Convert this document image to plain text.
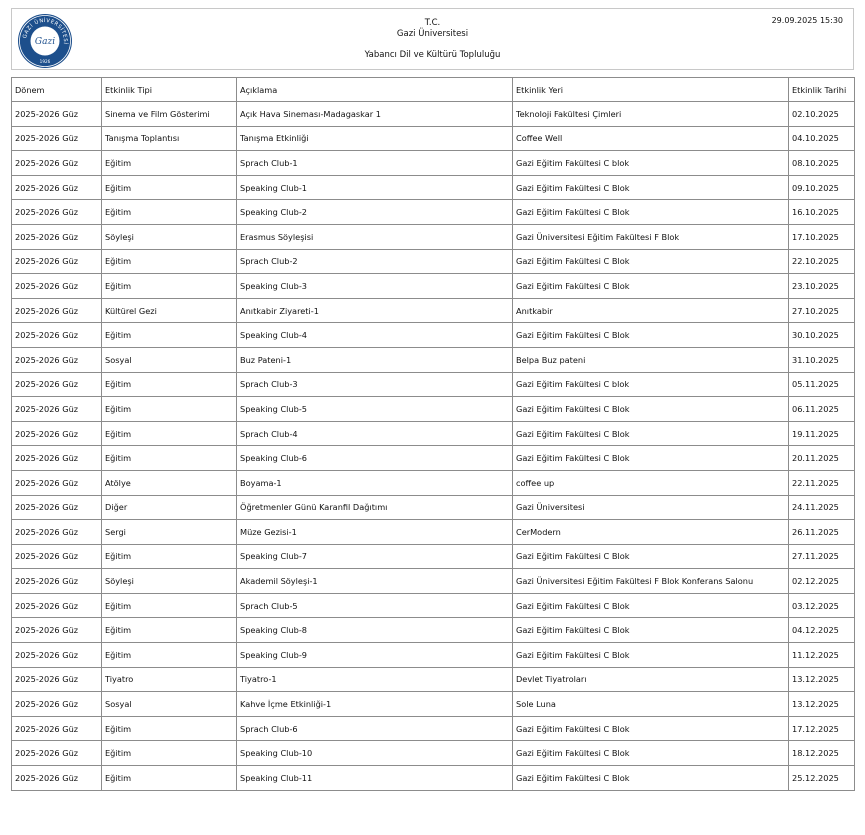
GAZİ ÜNİVERSİTESİ
Gazi
1926
T.C.
Gazi Üniversitesi
Yabancı Dil ve Kültürü Topluluğu
29.09.2025 15:30
Dönem	Etkinlik Tipi	Açıklama	Etkinlik Yeri	Etkinlik Tarihi
2025-2026 Güz	Sinema ve Film Gösterimi	Açık Hava Sineması-Madagaskar 1	Teknoloji Fakültesi Çimleri	02.10.2025
2025-2026 Güz	Tanışma Toplantısı	Tanışma Etkinliği	Coffee Well	04.10.2025
2025-2026 Güz	Eğitim	Sprach Club-1	Gazi Eğitim Fakültesi C blok	08.10.2025
2025-2026 Güz	Eğitim	Speaking Club-1	Gazi Eğitim Fakültesi C Blok	09.10.2025
2025-2026 Güz	Eğitim	Speaking Club-2	Gazi Eğitim Fakültesi C Blok	16.10.2025
2025-2026 Güz	Söyleşi	Erasmus Söyleşisi	Gazi Üniversitesi Eğitim Fakültesi F Blok	17.10.2025
2025-2026 Güz	Eğitim	Sprach Club-2	Gazi Eğitim Fakültesi C Blok	22.10.2025
2025-2026 Güz	Eğitim	Speaking Club-3	Gazi Eğitim Fakültesi C Blok	23.10.2025
2025-2026 Güz	Kültürel Gezi	Anıtkabir Ziyareti-1	Anıtkabir	27.10.2025
2025-2026 Güz	Eğitim	Speaking Club-4	Gazi Eğitim Fakültesi C Blok	30.10.2025
2025-2026 Güz	Sosyal	Buz Pateni-1	Belpa Buz pateni	31.10.2025
2025-2026 Güz	Eğitim	Sprach Club-3	Gazi Eğitim Fakültesi C blok	05.11.2025
2025-2026 Güz	Eğitim	Speaking Club-5	Gazi Eğitim Fakültesi C Blok	06.11.2025
2025-2026 Güz	Eğitim	Sprach Club-4	Gazi Eğitim Fakültesi C Blok	19.11.2025
2025-2026 Güz	Eğitim	Speaking Club-6	Gazi Eğitim Fakültesi C Blok	20.11.2025
2025-2026 Güz	Atölye	Boyama-1	coffee up	22.11.2025
2025-2026 Güz	Diğer	Öğretmenler Günü Karanfil Dağıtımı	Gazi Üniversitesi	24.11.2025
2025-2026 Güz	Sergi	Müze Gezisi-1	CerModern	26.11.2025
2025-2026 Güz	Eğitim	Speaking Club-7	Gazi Eğitim Fakültesi C Blok	27.11.2025
2025-2026 Güz	Söyleşi	Akademil Söyleşi-1	Gazi Üniversitesi Eğitim Fakültesi F Blok Konferans Salonu	02.12.2025
2025-2026 Güz	Eğitim	Sprach Club-5	Gazi Eğitim Fakültesi C Blok	03.12.2025
2025-2026 Güz	Eğitim	Speaking Club-8	Gazi Eğitim Fakültesi C Blok	04.12.2025
2025-2026 Güz	Eğitim	Speaking Club-9	Gazi Eğitim Fakültesi C Blok	11.12.2025
2025-2026 Güz	Tiyatro	Tiyatro-1	Devlet Tiyatroları	13.12.2025
2025-2026 Güz	Sosyal	Kahve İçme Etkinliği-1	Sole Luna	13.12.2025
2025-2026 Güz	Eğitim	Sprach Club-6	Gazi Eğitim Fakültesi C Blok	17.12.2025
2025-2026 Güz	Eğitim	Speaking Club-10	Gazi Eğitim Fakültesi C Blok	18.12.2025
2025-2026 Güz	Eğitim	Speaking Club-11	Gazi Eğitim Fakültesi C Blok	25.12.2025
